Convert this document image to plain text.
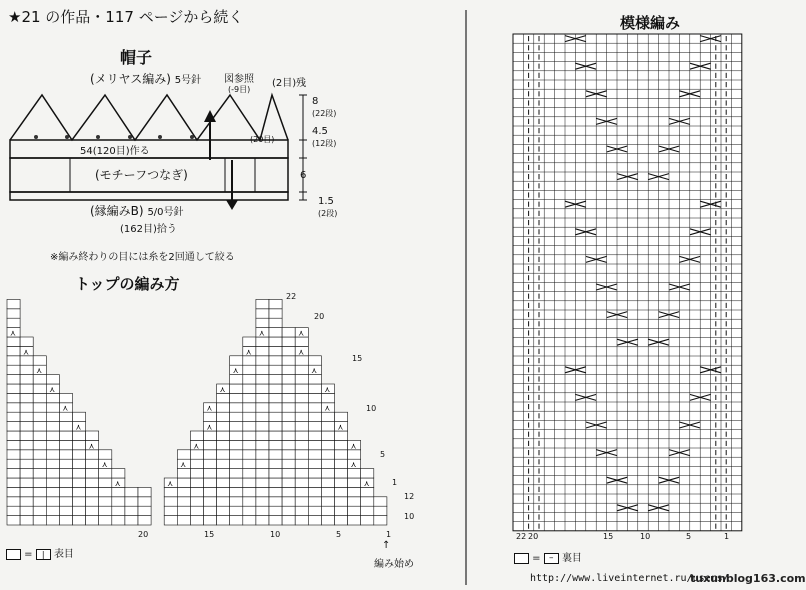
★21 の作品・117 ページから続く
帽子
(メリヤス編み) 5号針 図参照
(-9目)
(2目)残
(20目)
8
(22段)
4.5
(12段)
6
1.5
(2段)
54(120目)作る
(モチーフつなぎ)
(縁編みB) 5/0号針
(162目)拾う
※編み終わりの目には糸を2回通して絞る
トップの編み方
⋏	⋏	⋏
⋏	⋏	⋏
⋏	⋏	⋏
⋏	⋏	⋏
⋏	⋏	⋏
⋏	⋏	⋏
⋏	⋏	⋏
⋏	⋏	⋏
⋏	⋏	⋏
22
20
15
10
5
1
12
10
20	15	10	5	1
↑
編み始め
= | 表目
模様編み
22 20	15	10	5	1
= – 裏目
http://www.liveinternet.ru/users/
tuxunblog163.com
